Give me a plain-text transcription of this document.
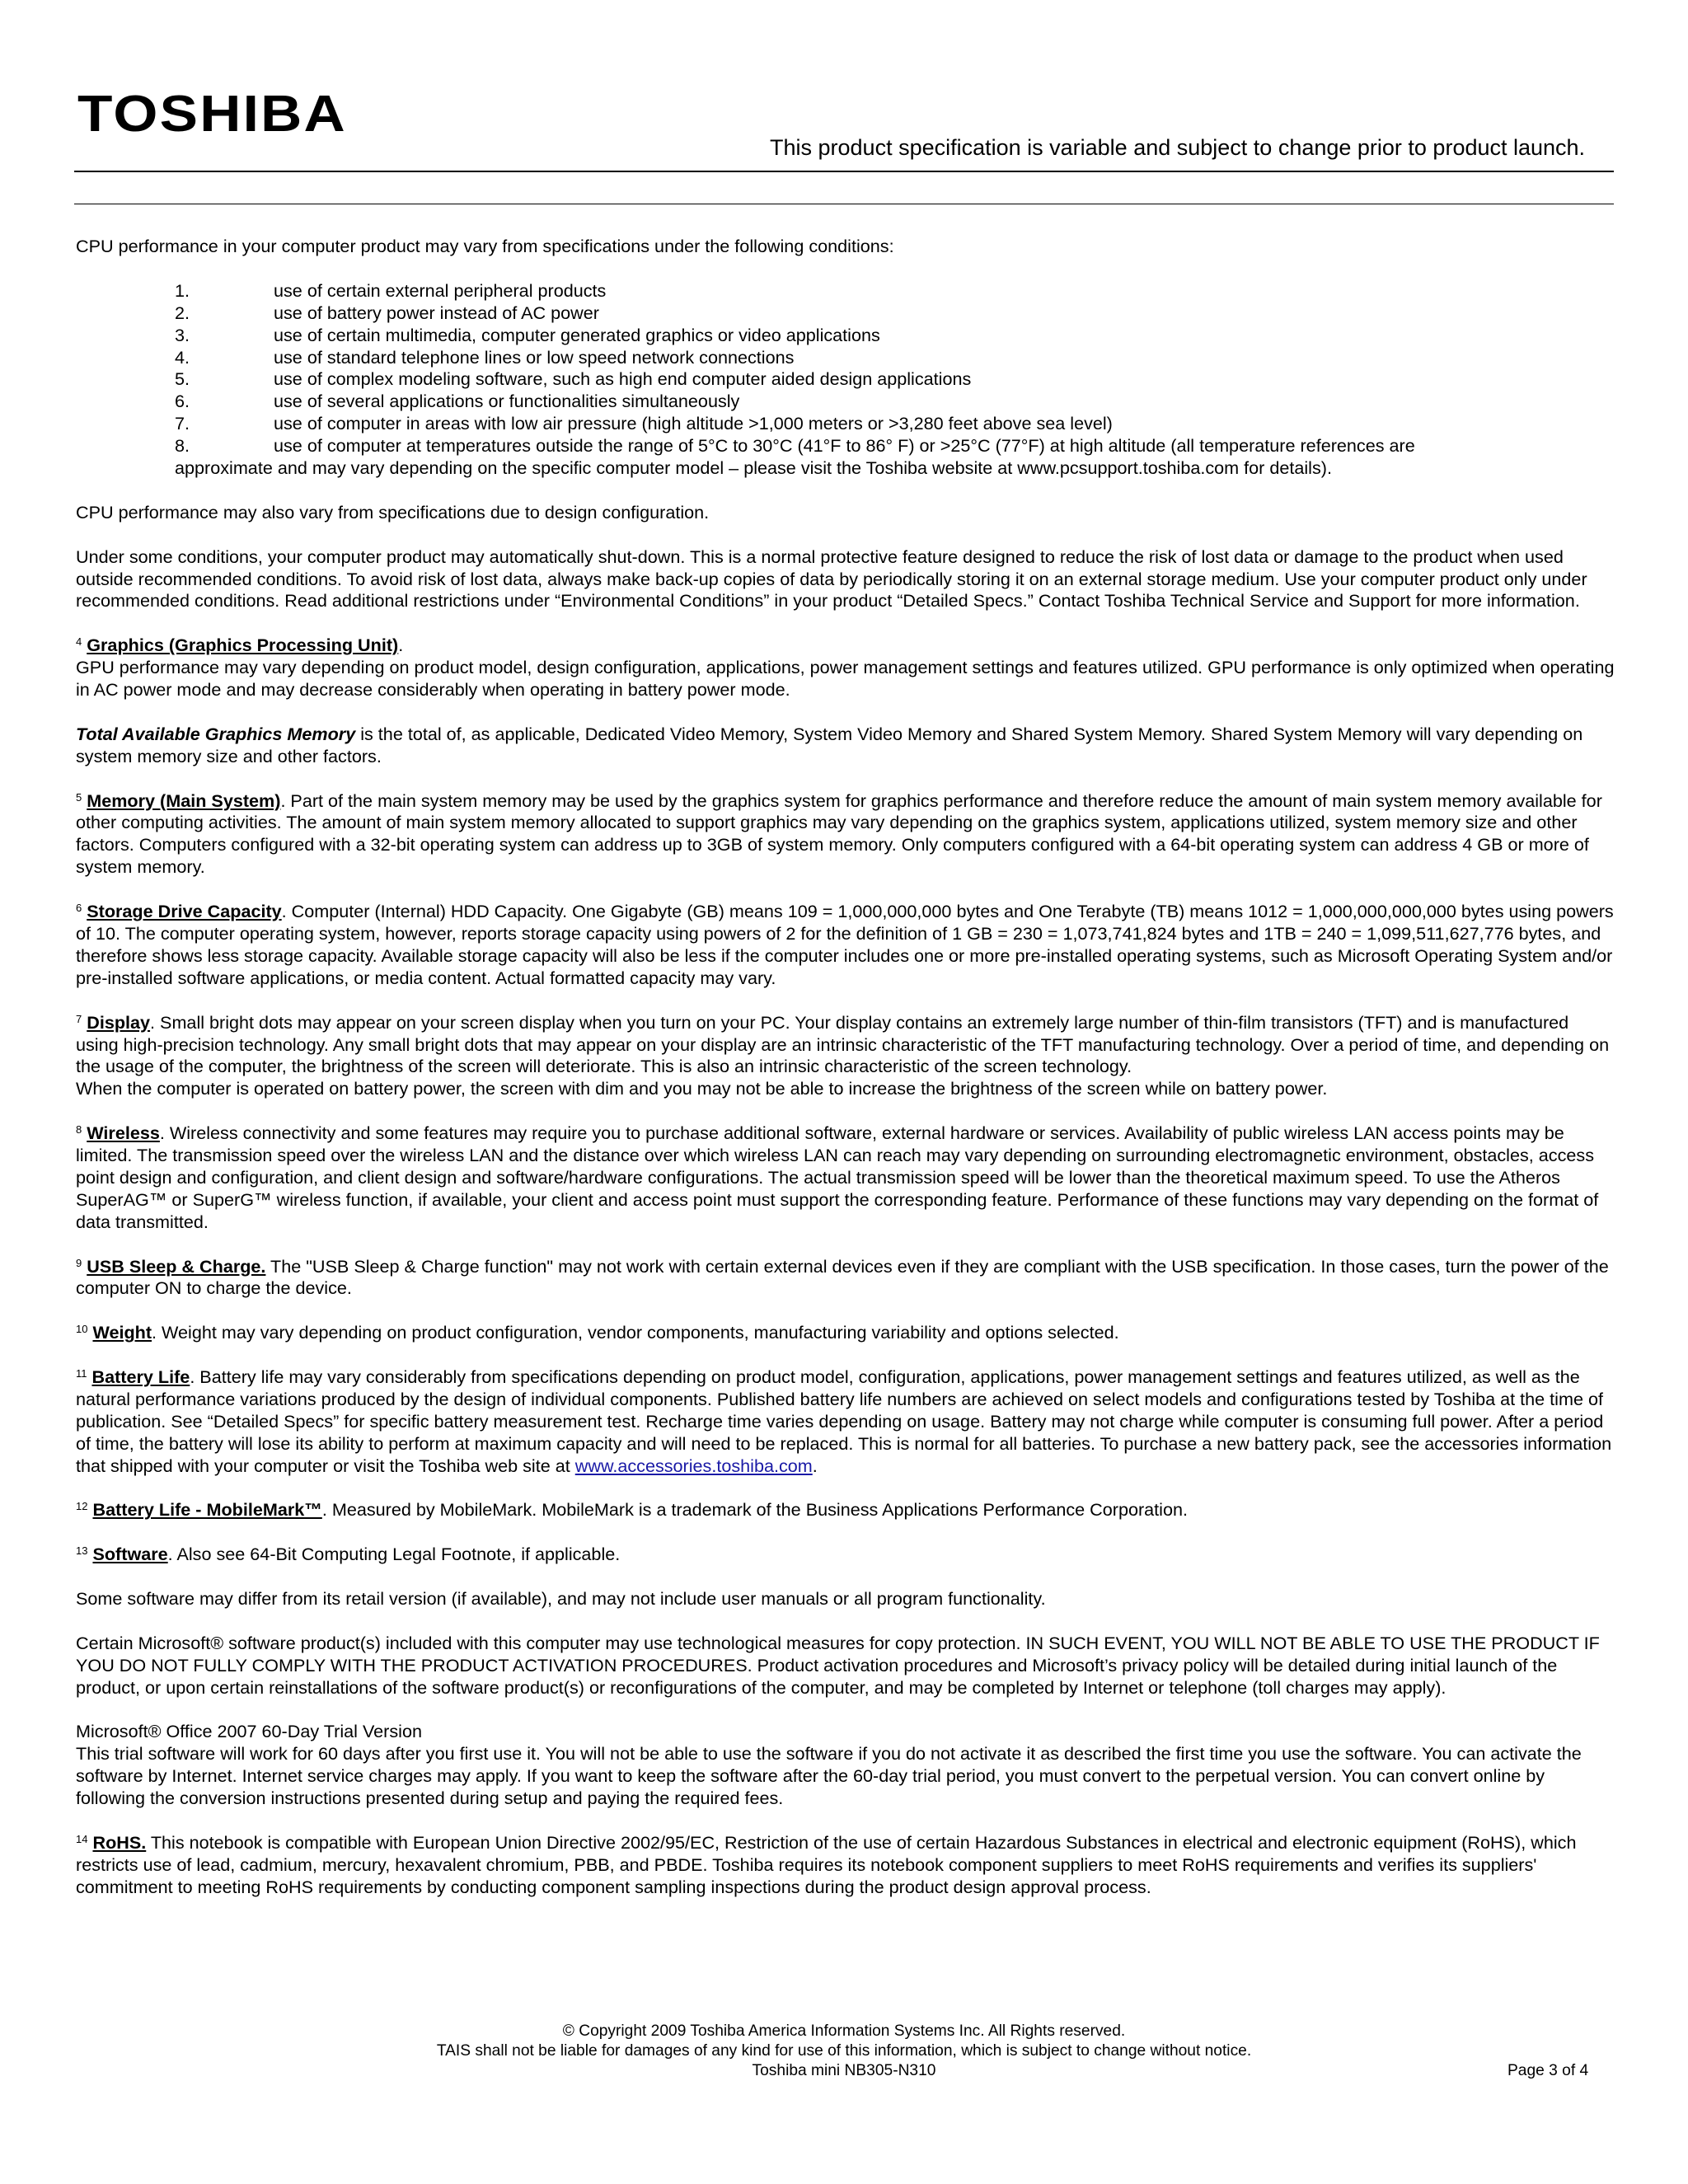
TOSHIBA
This product specification is variable and subject to change prior to product launch.

CPU performance in your computer product may vary from specifications under the following conditions:

1.	use of certain external peripheral products
2.	use of battery power instead of AC power
3.	use of certain multimedia, computer generated graphics or video applications
4.	use of standard telephone lines or low speed network connections
5.	use of complex modeling software, such as high end computer aided design applications
6.	use of several applications or functionalities simultaneously
7.	use of computer in areas with low air pressure (high altitude >1,000 meters or >3,280 feet above sea level)
8.	use of computer at temperatures outside the range of 5°C to 30°C (41°F to 86° F) or >25°C (77°F) at high altitude (all temperature references are
approximate and may vary depending on the specific computer model – please visit the Toshiba website at www.pcsupport.toshiba.com for details).

CPU performance may also vary from specifications due to design configuration.

Under some conditions, your computer product may automatically shut-down. This is a normal protective feature designed to reduce the risk of lost data or damage to the product when used outside recommended conditions. To avoid risk of lost data, always make back-up copies of data by periodically storing it on an external storage medium. Use your computer product only under recommended conditions. Read additional restrictions under “Environmental Conditions” in your product “Detailed Specs.” Contact Toshiba Technical Service and Support for more information.

$^4$ Graphics (Graphics Processing Unit).
GPU performance may vary depending on product model, design configuration, applications, power management settings and features utilized. GPU performance is only optimized when operating in AC power mode and may decrease considerably when operating in battery power mode.

Total Available Graphics Memory is the total of, as applicable, Dedicated Video Memory, System Video Memory and Shared System Memory. Shared System Memory will vary depending on system memory size and other factors.

$^5$ Memory (Main System). Part of the main system memory may be used by the graphics system for graphics performance and therefore reduce the amount of main system memory available for other computing activities. The amount of main system memory allocated to support graphics may vary depending on the graphics system, applications utilized, system memory size and other factors. Computers configured with a 32-bit operating system can address up to 3GB of system memory. Only computers configured with a 64-bit operating system can address 4 GB or more of system memory.

$^6$ Storage Drive Capacity. Computer (Internal) HDD Capacity. One Gigabyte (GB) means 109 = 1,000,000,000 bytes and One Terabyte (TB) means 1012 = 1,000,000,000,000 bytes using powers of 10. The computer operating system, however, reports storage capacity using powers of 2 for the definition of 1 GB = 230 = 1,073,741,824 bytes and 1TB = 240 = 1,099,511,627,776 bytes, and therefore shows less storage capacity. Available storage capacity will also be less if the computer includes one or more pre-installed operating systems, such as Microsoft Operating System and/or pre-installed software applications, or media content. Actual formatted capacity may vary.

$^7$ Display. Small bright dots may appear on your screen display when you turn on your PC. Your display contains an extremely large number of thin-film transistors (TFT) and is manufactured using high-precision technology. Any small bright dots that may appear on your display are an intrinsic characteristic of the TFT manufacturing technology. Over a period of time, and depending on the usage of the computer, the brightness of the screen will deteriorate. This is also an intrinsic characteristic of the screen technology.
When the computer is operated on battery power, the screen with dim and you may not be able to increase the brightness of the screen while on battery power.

$^8$ Wireless. Wireless connectivity and some features may require you to purchase additional software, external hardware or services. Availability of public wireless LAN access points may be limited. The transmission speed over the wireless LAN and the distance over which wireless LAN can reach may vary depending on surrounding electromagnetic environment, obstacles, access point design and configuration, and client design and software/hardware configurations. The actual transmission speed will be lower than the theoretical maximum speed. To use the Atheros SuperAG™ or SuperG™ wireless function, if available, your client and access point must support the corresponding feature. Performance of these functions may vary depending on the format of data transmitted.

$^9$ USB Sleep & Charge. The "USB Sleep & Charge function" may not work with certain external devices even if they are compliant with the USB specification. In those cases, turn the power of the computer ON to charge the device.

$^{10}$ Weight. Weight may vary depending on product configuration, vendor components, manufacturing variability and options selected.

$^{11}$ Battery Life. Battery life may vary considerably from specifications depending on product model, configuration, applications, power management settings and features utilized, as well as the natural performance variations produced by the design of individual components. Published battery life numbers are achieved on select models and configurations tested by Toshiba at the time of publication. See “Detailed Specs” for specific battery measurement test. Recharge time varies depending on usage. Battery may not charge while computer is consuming full power. After a period of time, the battery will lose its ability to perform at maximum capacity and will need to be replaced. This is normal for all batteries. To purchase a new battery pack, see the accessories information that shipped with your computer or visit the Toshiba web site at www.accessories.toshiba.com.

$^{12}$ Battery Life - MobileMark™. Measured by MobileMark. MobileMark is a trademark of the Business Applications Performance Corporation.

$^{13}$ Software. Also see 64-Bit Computing Legal Footnote, if applicable.

Some software may differ from its retail version (if available), and may not include user manuals or all program functionality.

Certain Microsoft® software product(s) included with this computer may use technological measures for copy protection. IN SUCH EVENT, YOU WILL NOT BE ABLE TO USE THE PRODUCT IF YOU DO NOT FULLY COMPLY WITH THE PRODUCT ACTIVATION PROCEDURES. Product activation procedures and Microsoft’s privacy policy will be detailed during initial launch of the product, or upon certain reinstallations of the software product(s) or reconfigurations of the computer, and may be completed by Internet or telephone (toll charges may apply).

Microsoft® Office 2007 60-Day Trial Version
This trial software will work for 60 days after you first use it. You will not be able to use the software if you do not activate it as described the first time you use the software. You can activate the software by Internet. Internet service charges may apply. If you want to keep the software after the 60-day trial period, you must convert to the perpetual version. You can convert online by following the conversion instructions presented during setup and paying the required fees.

$^{14}$ RoHS. This notebook is compatible with European Union Directive 2002/95/EC, Restriction of the use of certain Hazardous Substances in electrical and electronic equipment (RoHS), which restricts use of lead, cadmium, mercury, hexavalent chromium, PBB, and PBDE. Toshiba requires its notebook component suppliers to meet RoHS requirements and verifies its suppliers' commitment to meeting RoHS requirements by conducting component sampling inspections during the product design approval process.

© Copyright 2009 Toshiba America Information Systems Inc. All Rights reserved.
TAIS shall not be liable for damages of any kind for use of this information, which is subject to change without notice.
Toshiba mini NB305-N310	Page 3 of 4
